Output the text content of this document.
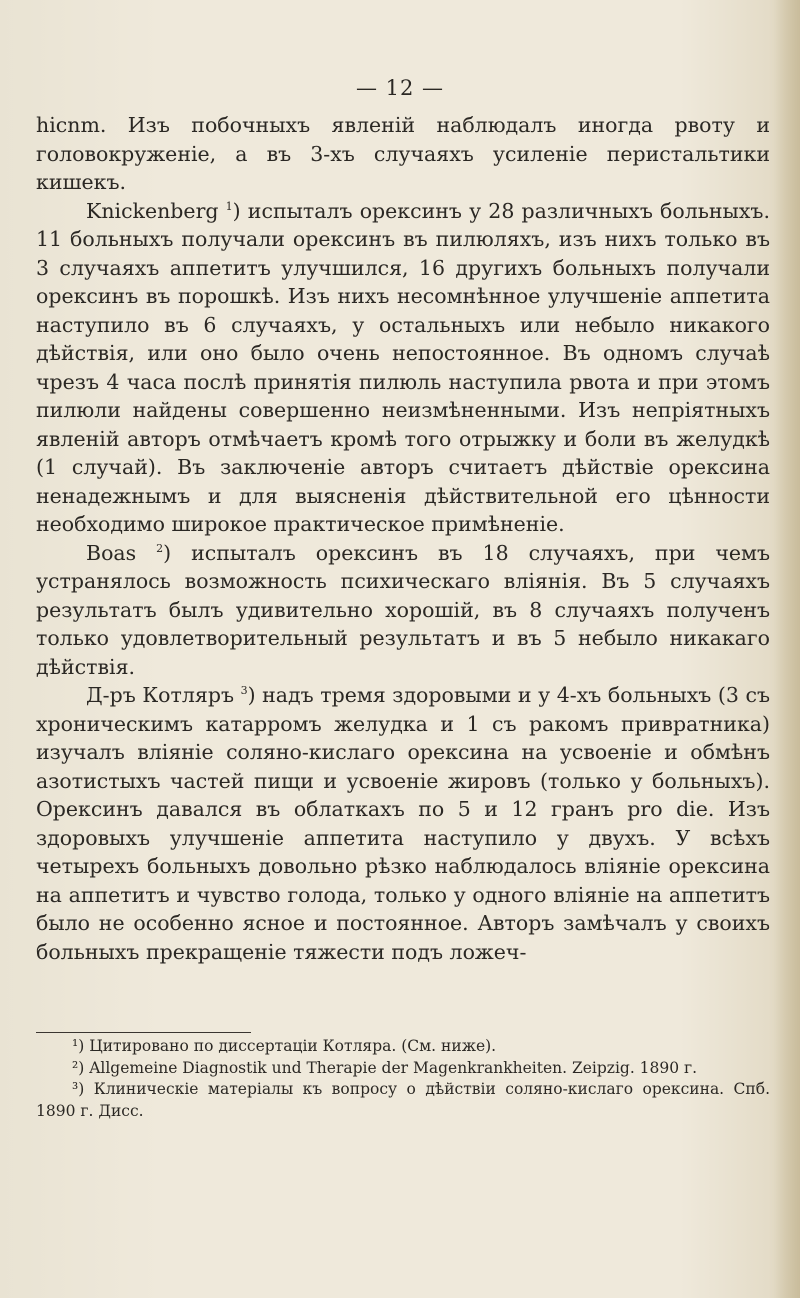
— 12 —

hicnm. Изъ побочныхъ явленій наблюдалъ иногда рвоту и головокруженіе, а въ 3-хъ случаяхъ усиленіе перистальтики кишекъ.

Knickenberg $^1$) испыталъ орексинъ у 28 различныхъ больныхъ. 11 больныхъ получали орексинъ въ пилюляхъ, изъ нихъ только въ 3 случаяхъ аппетитъ улучшился, 16 другихъ больныхъ получали орексинъ въ порошкѣ. Изъ нихъ несомнѣнное улучшеніе аппетита наступило въ 6 случаяхъ, у остальныхъ или небыло никакого дѣйствія, или оно было очень непостоянное. Въ одномъ случаѣ чрезъ 4 часа послѣ принятія пилюль наступила рвота и при этомъ пилюли найдены совершенно неизмѣненными. Изъ непріятныхъ явленій авторъ отмѣчаетъ кромѣ того отрыжку и боли въ желудкѣ (1 случай). Въ заключеніе авторъ считаетъ дѣйствіе орексина ненадежнымъ и для выясненія дѣйствительной его цѣнности необходимо широкое практическое примѣненіе.

Boas $^2$) испыталъ орексинъ въ 18 случаяхъ, при чемъ устранялось возможность психическаго вліянія. Въ 5 случаяхъ результатъ былъ удивительно хорошій, въ 8 случаяхъ полученъ только удовлетворительный результатъ и въ 5 небыло никакаго дѣйствія.

Д-ръ Котляръ $^3$) надъ тремя здоровыми и у 4-хъ больныхъ (3 съ хроническимъ катарромъ желудка и 1 съ ракомъ привратника) изучалъ вліяніе солянo-кислаго орексина на усвоеніе и обмѣнъ азотистыхъ частей пищи и усвоеніе жировъ (только у больныхъ). Орексинъ давался въ облаткахъ по 5 и 12 гранъ pro die. Изъ здоровыхъ улучшеніе аппетита наступило у двухъ. У всѣхъ четырехъ больныхъ довольно рѣзко наблюдалось вліяніе орексина на аппетитъ и чувство голода, только у одного вліяніе на аппетитъ было не особенно ясное и постоянное. Авторъ замѣчалъ у своихъ больныхъ прекращеніе тяжести подъ ложеч-

¹) Цитировано по диссертаціи Котляра. (См. ниже).

²) Allgemeine Diagnostik und Therapie der Magenkrankheiten. Zeipzig. 1890 г.

³) Клиническіе матеріалы къ вопросу о дѣйствіи соляно-кислаго орексина. Спб. 1890 г. Дисс.
